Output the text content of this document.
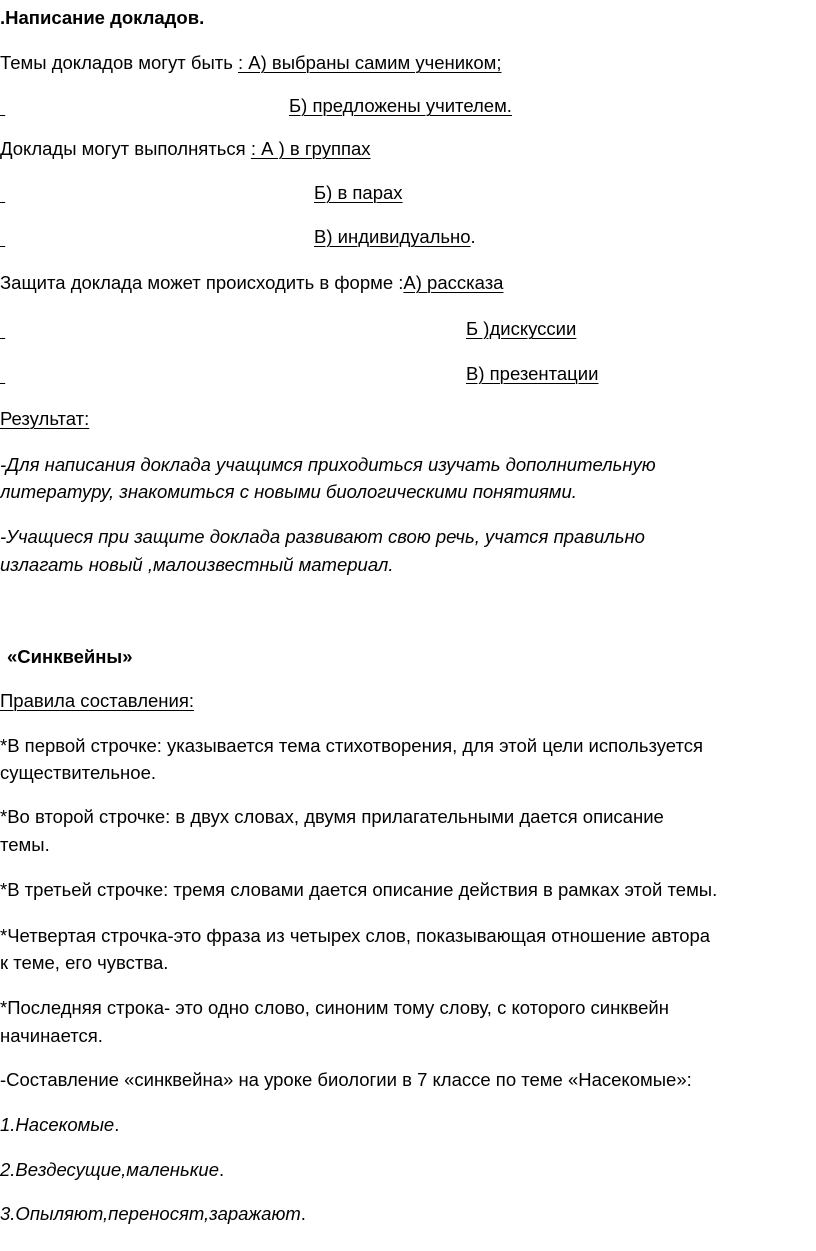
.Написание докладов.
Темы докладов могут быть : А) выбраны самим учеником;
Б) предложены учителем.
Доклады могут выполняться : А ) в группах
Б) в парах
В) индивидуально.
Защита доклада может происходить в форме :А) рассказа
Б )дискуссии
В) презентации
Результат:
-Для написания доклада учащимся приходиться изучать дополнительную
литературу, знакомиться с новыми биологическими понятиями.
-Учащиеся при защите доклада развивают свою речь, учатся правильно
излагать новый ,малоизвестный материал.
«Синквейны»
Правила составления:
*В первой строчке: указывается тема стихотворения, для этой цели используется
существительное.
*Во второй строчке: в двух словах, двумя прилагательными дается описание
темы.
*В третьей строчке: тремя словами дается описание действия в рамках этой темы.
*Четвертая строчка-это фраза из четырех слов, показывающая отношение автора
к теме, его чувства.
*Последняя строка- это одно слово, синоним тому слову, с которого синквейн
начинается.
-Составление «синквейна» на уроке биологии в 7 классе по теме «Насекомые»:
1.Насекомые.
2.Вездесущие,маленькие.
3.Опыляют,переносят,заражают.
